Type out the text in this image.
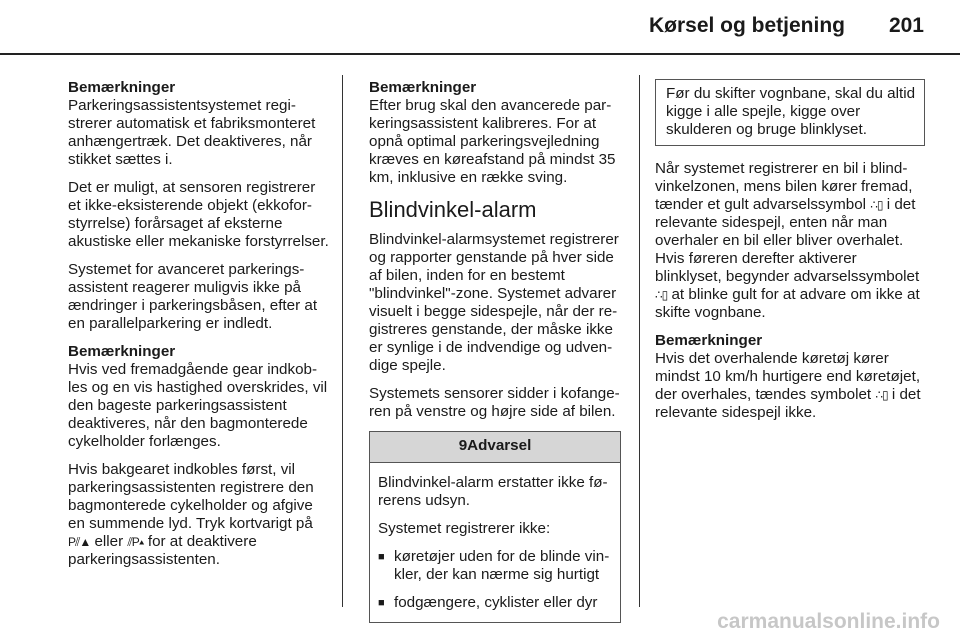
Kørsel og betjening	201

Bemærkninger
Parkeringsassistentsystemet registrerer automatisk et fabriksmonteret anhængertræk. Det deaktiveres, når stikket sættes i.

Det er muligt, at sensoren registrerer et ikke-eksisterende objekt (ekkoforstyrrelse) forårsaget af eksterne akustiske eller mekaniske forstyrrelser.

Systemet for avanceret parkeringsassistent reagerer muligvis ikke på ændringer i parkeringsbåsen, efter at en parallelparkering er indledt.

Bemærkninger
Hvis ved fremadgående gear indkobles og en vis hastighed overskrides, vil den bageste parkeringsassistent deaktiveres, når den bagmonterede cykelholder forlænges.

Hvis bakgearet indkobles først, vil parkeringsassistenten registrere den bagmonterede cykelholder og afgive en summende lyd. Tryk kortvarigt på P⫽▲ eller ⫽P▴ for at deaktivere parkeringsassistenten.

Bemærkninger
Efter brug skal den avancerede parkeringsassistent kalibreres. For at opnå optimal parkeringsvejledning kræves en køreafstand på mindst 35 km, inklusive en række sving.

Blindvinkel-alarm

Blindvinkel-alarmsystemet registrerer og rapporter genstande på hver side af bilen, inden for en bestemt "blindvinkel"-zone. Systemet advarer visuelt i begge sidespejle, når der registreres genstande, der måske ikke er synlige i de indvendige og udvendige spejle.

Systemets sensorer sidder i kofangeren på venstre og højre side af bilen.

9Advarsel

Blindvinkel-alarm erstatter ikke førerens udsyn.

Systemet registrerer ikke:

■ køretøjer uden for de blinde vinkler, der kan nærme sig hurtigt
■ fodgængere, cyklister eller dyr
Før du skifter vognbane, skal du altid kigge i alle spejle, kigge over skulderen og bruge blinklyset.

Når systemet registrerer en bil i blindvinkelzonen, mens bilen kører fremad, tænder et gult advarselssymbol ∴▯ i det relevante sidespejl, enten når man overhaler en bil eller bliver overhalet. Hvis føreren derefter aktiverer blinklyset, begynder advarselssymbolet ∴▯ at blinke gult for at advare om ikke at skifte vognbane.

Bemærkninger
Hvis det overhalende køretøj kører mindst 10 km/h hurtigere end køretøjet, der overhales, tændes symbolet ∴▯ i det relevante sidespejl ikke.

carmanualsonline.info
